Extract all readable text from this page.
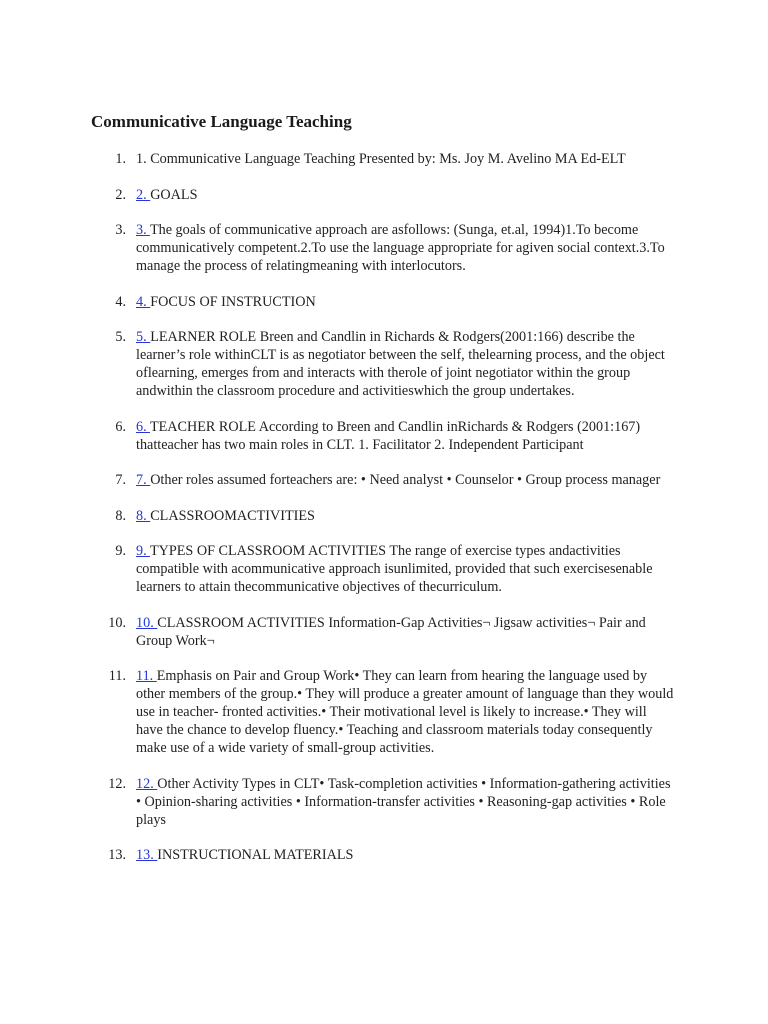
Communicative Language Teaching
1. 1. Communicative Language Teaching Presented by: Ms. Joy M. Avelino MA Ed-ELT
2. 2. GOALS
3. 3. The goals of communicative approach are asfollows: (Sunga, et.al, 1994)1.To become communicatively competent.2.To use the language appropriate for agiven social context.3.To manage the process of relatingmeaning with interlocutors.
4. 4. FOCUS OF INSTRUCTION
5. 5. LEARNER ROLE Breen and Candlin in Richards & Rodgers(2001:166) describe the learner’s role withinCLT is as negotiator between the self, thelearning process, and the object oflearning, emerges from and interacts with therole of joint negotiator within the group andwithin the classroom procedure and activitieswhich the group undertakes.
6. 6. TEACHER ROLE According to Breen and Candlin inRichards & Rodgers (2001:167) thatteacher has two main roles in CLT. 1. Facilitator 2. Independent Participant
7. 7. Other roles assumed forteachers are: • Need analyst • Counselor • Group process manager
8. 8. CLASSROOMACTIVITIES
9. 9. TYPES OF CLASSROOM ACTIVITIES The range of exercise types andactivities compatible with acommunicative approach isunlimited, provided that such exercisesenable learners to attain thecommunicative objectives of thecurriculum.
10. 10. CLASSROOM ACTIVITIES Information-Gap Activities¬ Jigsaw activities¬ Pair and Group Work¬
11. 11. Emphasis on Pair and Group Work• They can learn from hearing the language used by other members of the group.• They will produce a greater amount of language than they would use in teacher- fronted activities.• Their motivational level is likely to increase.• They will have the chance to develop fluency.• Teaching and classroom materials today consequently make use of a wide variety of small-group activities.
12. 12. Other Activity Types in CLT• Task-completion activities • Information-gathering activities • Opinion-sharing activities • Information-transfer activities • Reasoning-gap activities • Role plays
13. 13. INSTRUCTIONAL MATERIALS
